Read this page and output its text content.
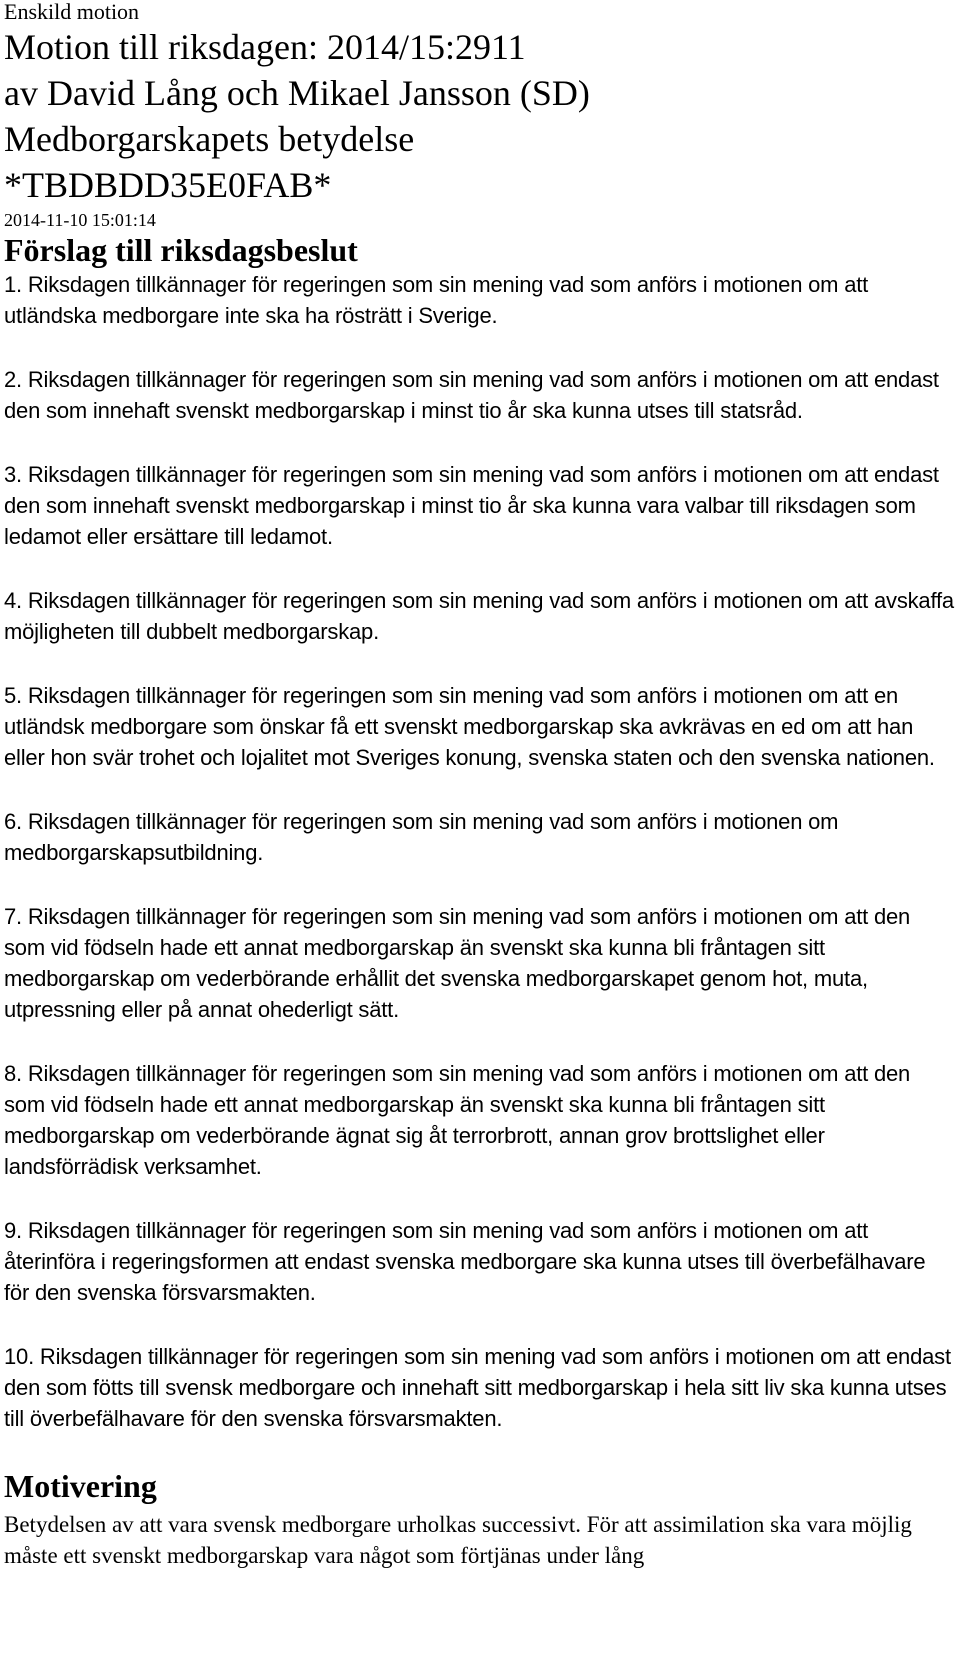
Enskild motion

Motion till riksdagen: 2014/15:2911

av David Lång och Mikael Jansson (SD)

Medborgarskapets betydelse

*TBDBDD35E0FAB*

2014-11-10 15:01:14

Förslag till riksdagsbeslut
1. Riksdagen tillkännager för regeringen som sin mening vad som anförs i motionen om att utländska medborgare inte ska ha rösträtt i Sverige.
2. Riksdagen tillkännager för regeringen som sin mening vad som anförs i motionen om att endast den som innehaft svenskt medborgarskap i minst tio år ska kunna utses till statsråd.
3. Riksdagen tillkännager för regeringen som sin mening vad som anförs i motionen om att endast den som innehaft svenskt medborgarskap i minst tio år ska kunna vara valbar till riksdagen som ledamot eller ersättare till ledamot.
4. Riksdagen tillkännager för regeringen som sin mening vad som anförs i motionen om att avskaffa möjligheten till dubbelt medborgarskap.
5. Riksdagen tillkännager för regeringen som sin mening vad som anförs i motionen om att en utländsk medborgare som önskar få ett svenskt medborgarskap ska avkrävas en ed om att han eller hon svär trohet och lojalitet mot Sveriges konung, svenska staten och den svenska nationen.
6. Riksdagen tillkännager för regeringen som sin mening vad som anförs i motionen om medborgarskapsutbildning.
7. Riksdagen tillkännager för regeringen som sin mening vad som anförs i motionen om att den som vid födseln hade ett annat medborgarskap än svenskt ska kunna bli fråntagen sitt medborgarskap om vederbörande erhållit det svenska medborgarskapet genom hot, muta, utpressning eller på annat ohederligt sätt.
8. Riksdagen tillkännager för regeringen som sin mening vad som anförs i motionen om att den som vid födseln hade ett annat medborgarskap än svenskt ska kunna bli fråntagen sitt medborgarskap om vederbörande ägnat sig åt terrorbrott, annan grov brottslighet eller landsförrädisk verksamhet.
9. Riksdagen tillkännager för regeringen som sin mening vad som anförs i motionen om att återinföra i regeringsformen att endast svenska medborgare ska kunna utses till överbefälhavare för den svenska försvarsmakten.
10. Riksdagen tillkännager för regeringen som sin mening vad som anförs i motionen om att endast den som fötts till svensk medborgare och innehaft sitt medborgarskap i hela sitt liv ska kunna utses till överbefälhavare för den svenska försvarsmakten.
Motivering

Betydelsen av att vara svensk medborgare urholkas successivt. För att assimilation ska vara möjlig måste ett svenskt medborgarskap vara något som förtjänas under lång
